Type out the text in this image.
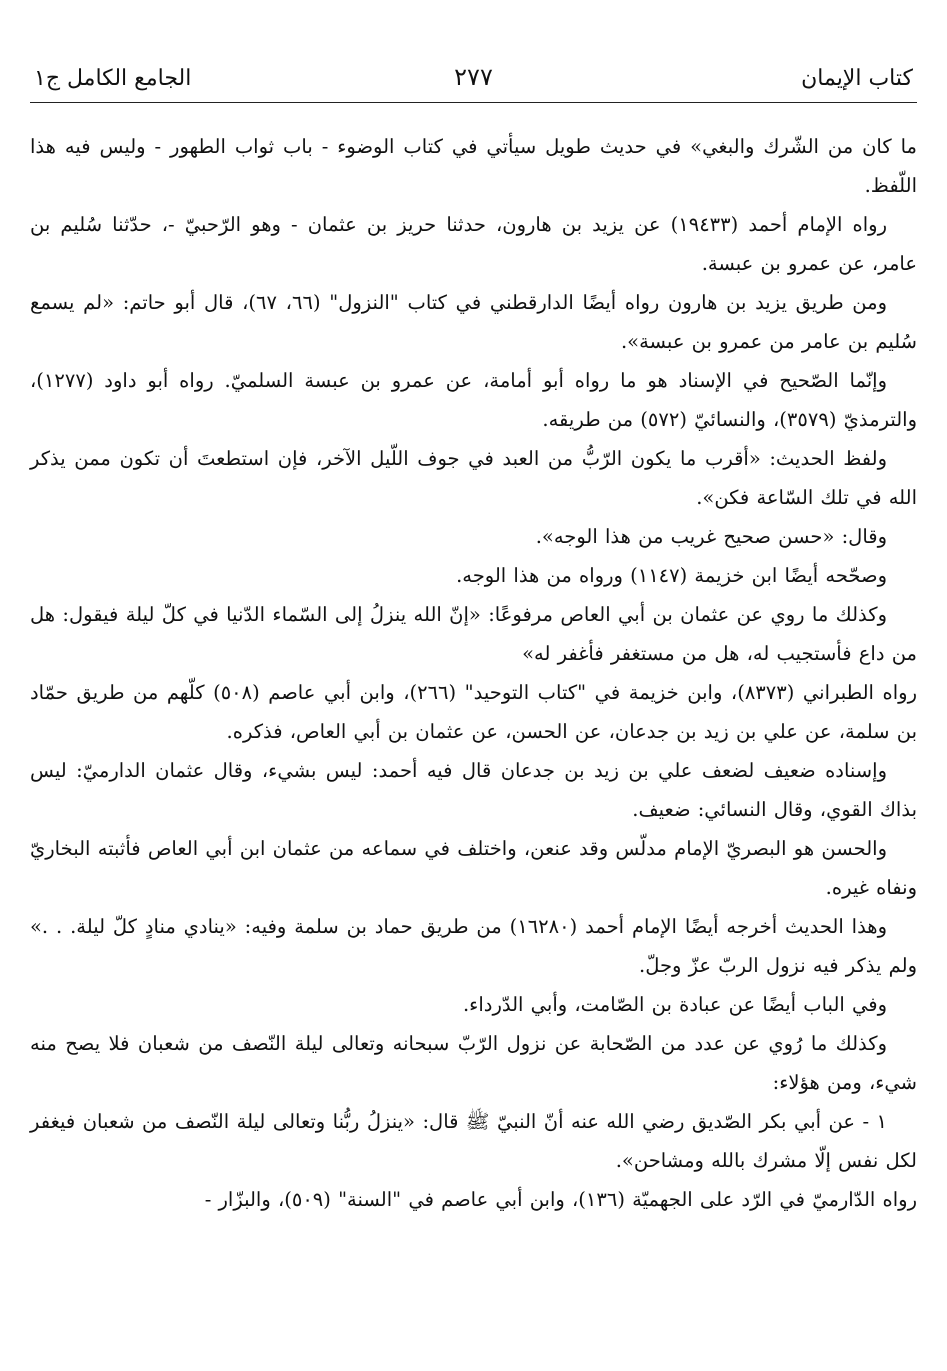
كتاب الإيمان
٢٧٧
الجامع الكامل ج١

ما كان من الشّرك والبغي» في حديث طويل سيأتي في كتاب الوضوء - باب ثواب الطهور - وليس فيه هذا اللّفظ.

رواه الإمام أحمد (١٩٤٣٣) عن يزيد بن هارون، حدثنا حريز بن عثمان - وهو الرّحبيّ -، حدّثنا سُليم بن عامر، عن عمرو بن عبسة.

ومن طريق يزيد بن هارون رواه أيضًا الدارقطني في كتاب "النزول" (٦٦، ٦٧)، قال أبو حاتم: «لم يسمع سُليم بن عامر من عمرو بن عبسة».

وإنّما الصّحيح في الإسناد هو ما رواه أبو أمامة، عن عمرو بن عبسة السلميّ. رواه أبو داود (١٢٧٧)، والترمذيّ (٣٥٧٩)، والنسائيّ (٥٧٢) من طريقه.

ولفظ الحديث: «أقرب ما يكون الرّبُّ من العبد في جوف اللّيل الآخر، فإن استطعتَ أن تكون ممن يذكر الله في تلك السّاعة فكن».

وقال: «حسن صحيح غريب من هذا الوجه».

وصحّحه أيضًا ابن خزيمة (١١٤٧) ورواه من هذا الوجه.

وكذلك ما روي عن عثمان بن أبي العاص مرفوعًا: «إنّ الله ينزلُ إلى السّماء الدّنيا في كلّ ليلة فيقول: هل من داع فأستجيب له، هل من مستغفر فأغفر له»

رواه الطبراني (٨٣٧٣)، وابن خزيمة في "كتاب التوحيد" (٢٦٦)، وابن أبي عاصم (٥٠٨) كلّهم من طريق حمّاد بن سلمة، عن علي بن زيد بن جدعان، عن الحسن، عن عثمان بن أبي العاص، فذكره.

وإسناده ضعيف لضعف علي بن زيد بن جدعان قال فيه أحمد: ليس بشيء، وقال عثمان الدارميّ: ليس بذاك القوي، وقال النسائي: ضعيف.

والحسن هو البصريّ الإمام مدلّس وقد عنعن، واختلف في سماعه من عثمان ابن أبي العاص فأثبته البخاريّ ونفاه غيره.

وهذا الحديث أخرجه أيضًا الإمام أحمد (١٦٢٨٠) من طريق حماد بن سلمة وفيه: «ينادي منادٍ كلّ ليلة. . .» ولم يذكر فيه نزول الربّ عزّ وجلّ.

وفي الباب أيضًا عن عبادة بن الصّامت، وأبي الدّرداء.

وكذلك ما رُوي عن عدد من الصّحابة عن نزول الرّبّ سبحانه وتعالى ليلة النّصف من شعبان فلا يصح منه شيء، ومن هؤلاء:

١ - عن أبي بكر الصّديق رضي الله عنه أنّ النبيّ ﷺ قال: «ينزلُ ربُّنا وتعالى ليلة النّصف من شعبان فيغفر لكل نفس إلّا مشرك بالله ومشاحن».

رواه الدّارميّ في الرّد على الجهميّة (١٣٦)، وابن أبي عاصم في "السنة" (٥٠٩)، والبزّار -
